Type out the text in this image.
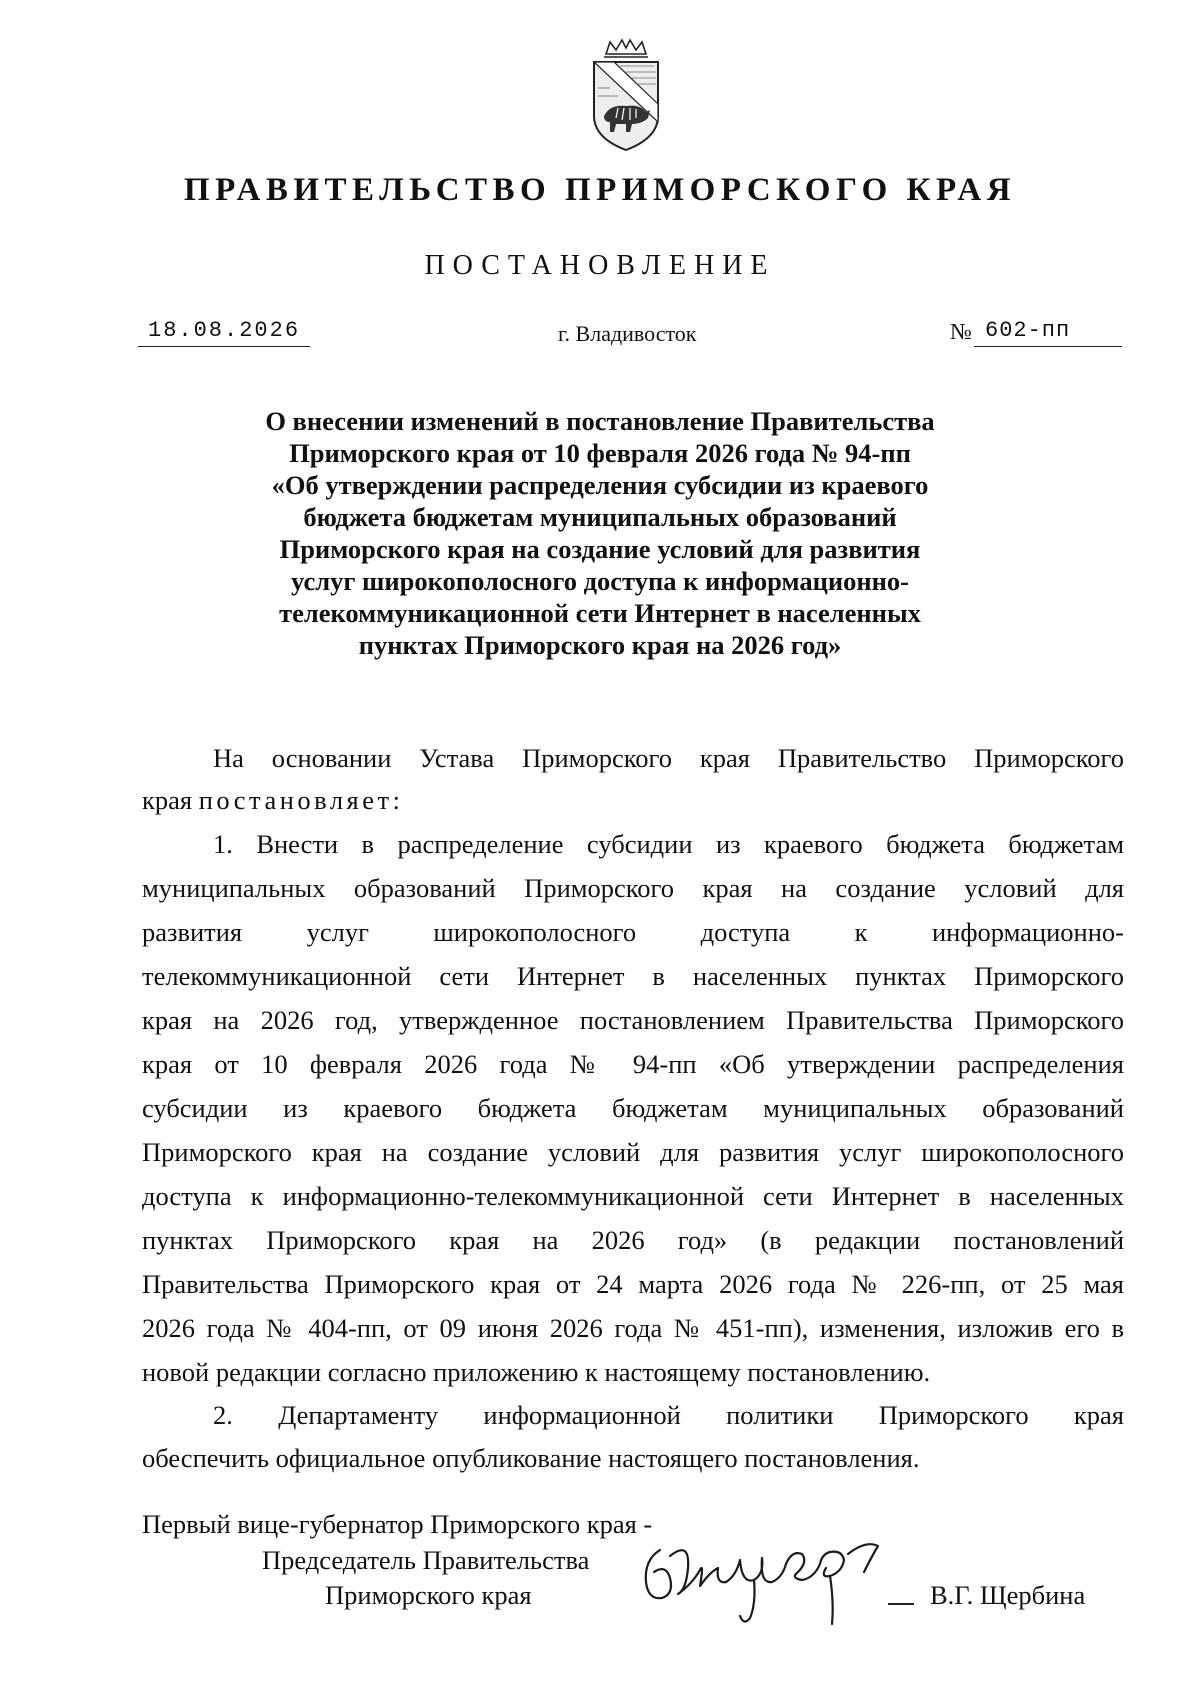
ПРАВИТЕЛЬСТВО ПРИМОРСКОГО КРАЯ
ПОСТАНОВЛЕНИЕ
18.08.2026	г. Владивосток	№ 602-пп
О внесении изменений в постановление Правительства
Приморского края от 10 февраля 2026 года № 94-пп
«Об утверждении распределения субсидии из краевого
бюджета бюджетам муниципальных образований
Приморского края на создание условий для развития
услуг широкополосного доступа к информационно-
телекоммуникационной сети Интернет в населенных
пунктах Приморского края на 2026 год»
На основании Устава Приморского края Правительство Приморского
края постановляет:
1. Внести в распределение субсидии из краевого бюджета бюджетам
муниципальных образований Приморского края на создание условий для
развития услуг широкополосного доступа к информационно-
телекоммуникационной сети Интернет в населенных пунктах Приморского
края на 2026 год, утвержденное постановлением Правительства Приморского
края от 10 февраля 2026 года № 94-пп «Об утверждении распределения
субсидии из краевого бюджета бюджетам муниципальных образований
Приморского края на создание условий для развития услуг широкополосного
доступа к информационно-телекоммуникационной сети Интернет в населенных
пунктах Приморского края на 2026 год» (в редакции постановлений
Правительства Приморского края от 24 марта 2026 года № 226-пп, от 25 мая
2026 года № 404-пп, от 09 июня 2026 года № 451-пп), изменения, изложив его в
новой редакции согласно приложению к настоящему постановлению.
2. Департаменту информационной политики Приморского края
обеспечить официальное опубликование настоящего постановления.
Первый вице-губернатор Приморского края -
Председатель Правительства
Приморского края	В.Г. Щербина
